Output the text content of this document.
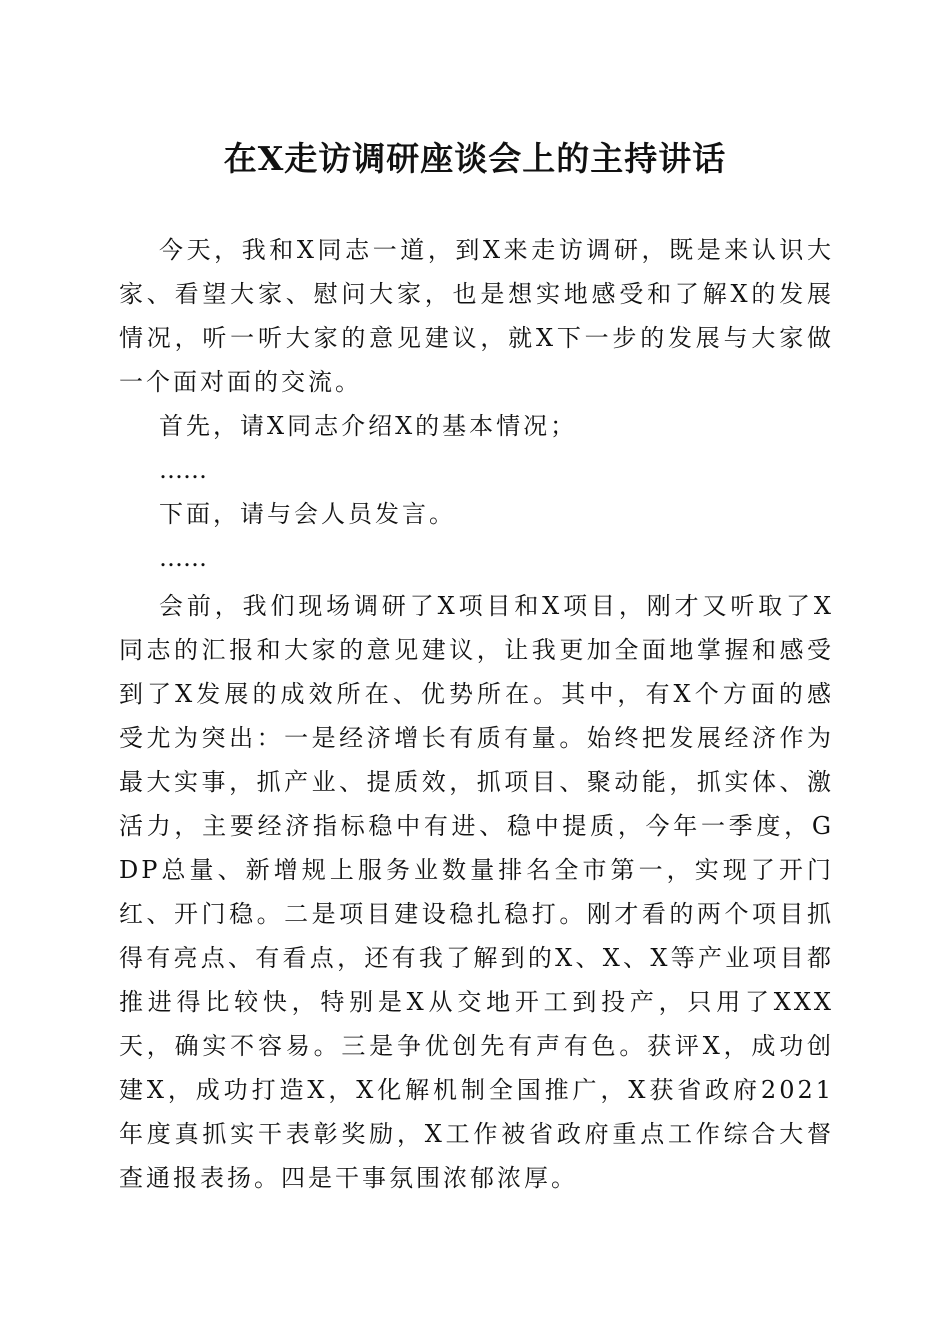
在X走访调研座谈会上的主持讲话

今天，我和X同志一道，到X来走访调研，既是来认识大家、看望大家、慰问大家，也是想实地感受和了解X的发展情况，听一听大家的意见建议，就X下一步的发展与大家做一个面对面的交流。

首先，请X同志介绍X的基本情况；

……

下面，请与会人员发言。

……

会前，我们现场调研了X项目和X项目，刚才又听取了X同志的汇报和大家的意见建议，让我更加全面地掌握和感受到了X发展的成效所在、优势所在。其中，有X个方面的感受尤为突出：一是经济增长有质有量。始终把发展经济作为最大实事，抓产业、提质效，抓项目、聚动能，抓实体、激活力，主要经济指标稳中有进、稳中提质，今年一季度，GDP总量、新增规上服务业数量排名全市第一，实现了开门红、开门稳。二是项目建设稳扎稳打。刚才看的两个项目抓得有亮点、有看点，还有我了解到的X、X、X等产业项目都推进得比较快，特别是X从交地开工到投产，只用了XXX天，确实不容易。三是争优创先有声有色。获评X，成功创建X，成功打造X，X化解机制全国推广，X获省政府2021年度真抓实干表彰奖励，X工作被省政府重点工作综合大督查通报表扬。四是干事氛围浓郁浓厚。
